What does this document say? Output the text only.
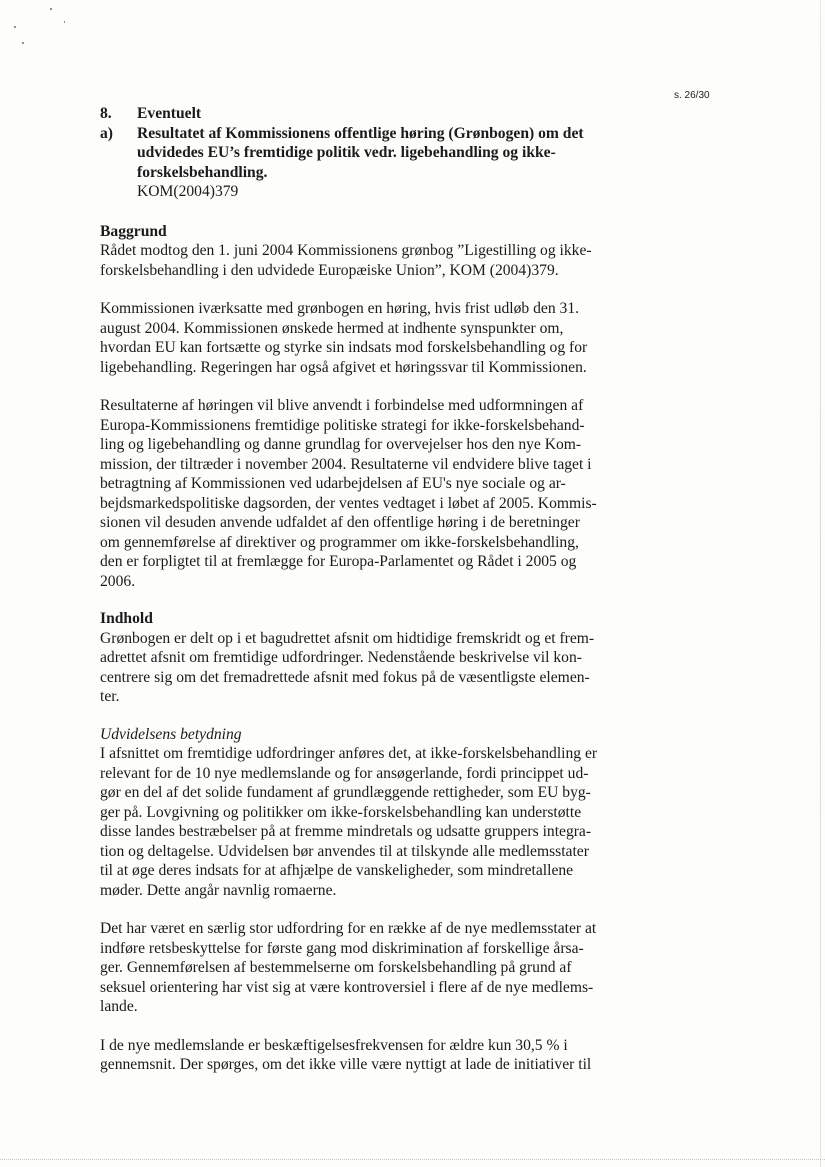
s. 26/30
8.	Eventuelt
a)	Resultatet af Kommissionens offentlige høring (Grønbogen) om det
udvidedes EU’s fremtidige politik vedr. ligebehandling og ikke-
forskelsbehandling.
KOM(2004)379
Baggrund

Rådet modtog den 1. juni 2004 Kommissionens grønbog ”Ligestilling og ikke-
forskelsbehandling i den udvidede Europæiske Union”, KOM (2004)379.

Kommissionen iværksatte med grønbogen en høring, hvis frist udløb den 31.
august 2004. Kommissionen ønskede hermed at indhente synspunkter om,
hvordan EU kan fortsætte og styrke sin indsats mod forskelsbehandling og for
ligebehandling. Regeringen har også afgivet et høringssvar til Kommissionen.

Resultaterne af høringen vil blive anvendt i forbindelse med udformningen af
Europa-Kommissionens fremtidige politiske strategi for ikke-forskelsbehand-
ling og ligebehandling og danne grundlag for overvejelser hos den nye Kom-
mission, der tiltræder i november 2004. Resultaterne vil endvidere blive taget i
betragtning af Kommissionen ved udarbejdelsen af EU's nye sociale og ar-
bejdsmarkedspolitiske dagsorden, der ventes vedtaget i løbet af 2005. Kommis-
sionen vil desuden anvende udfaldet af den offentlige høring i de beretninger
om gennemførelse af direktiver og programmer om ikke-forskelsbehandling,
den er forpligtet til at fremlægge for Europa-Parlamentet og Rådet i 2005 og
2006.

Indhold

Grønbogen er delt op i et bagudrettet afsnit om hidtidige fremskridt og et frem-
adrettet afsnit om fremtidige udfordringer. Nedenstående beskrivelse vil kon-
centrere sig om det fremadrettede afsnit med fokus på de væsentligste elemen-
ter.

Udvidelsens betydning

I afsnittet om fremtidige udfordringer anføres det, at ikke-forskelsbehandling er
relevant for de 10 nye medlemslande og for ansøgerlande, fordi princippet ud-
gør en del af det solide fundament af grundlæggende rettigheder, som EU byg-
ger på. Lovgivning og politikker om ikke-forskelsbehandling kan understøtte
disse landes bestræbelser på at fremme mindretals og udsatte gruppers integra-
tion og deltagelse. Udvidelsen bør anvendes til at tilskynde alle medlemsstater
til at øge deres indsats for at afhjælpe de vanskeligheder, som mindretallene
møder. Dette angår navnlig romaerne.

Det har været en særlig stor udfordring for en række af de nye medlemsstater at
indføre retsbeskyttelse for første gang mod diskrimination af forskellige årsa-
ger. Gennemførelsen af bestemmelserne om forskelsbehandling på grund af
seksuel orientering har vist sig at være kontroversiel i flere af de nye medlems-
lande.

I de nye medlemslande er beskæftigelsesfrekvensen for ældre kun 30,5 % i
gennemsnit. Der spørges, om det ikke ville være nyttigt at lade de initiativer til
